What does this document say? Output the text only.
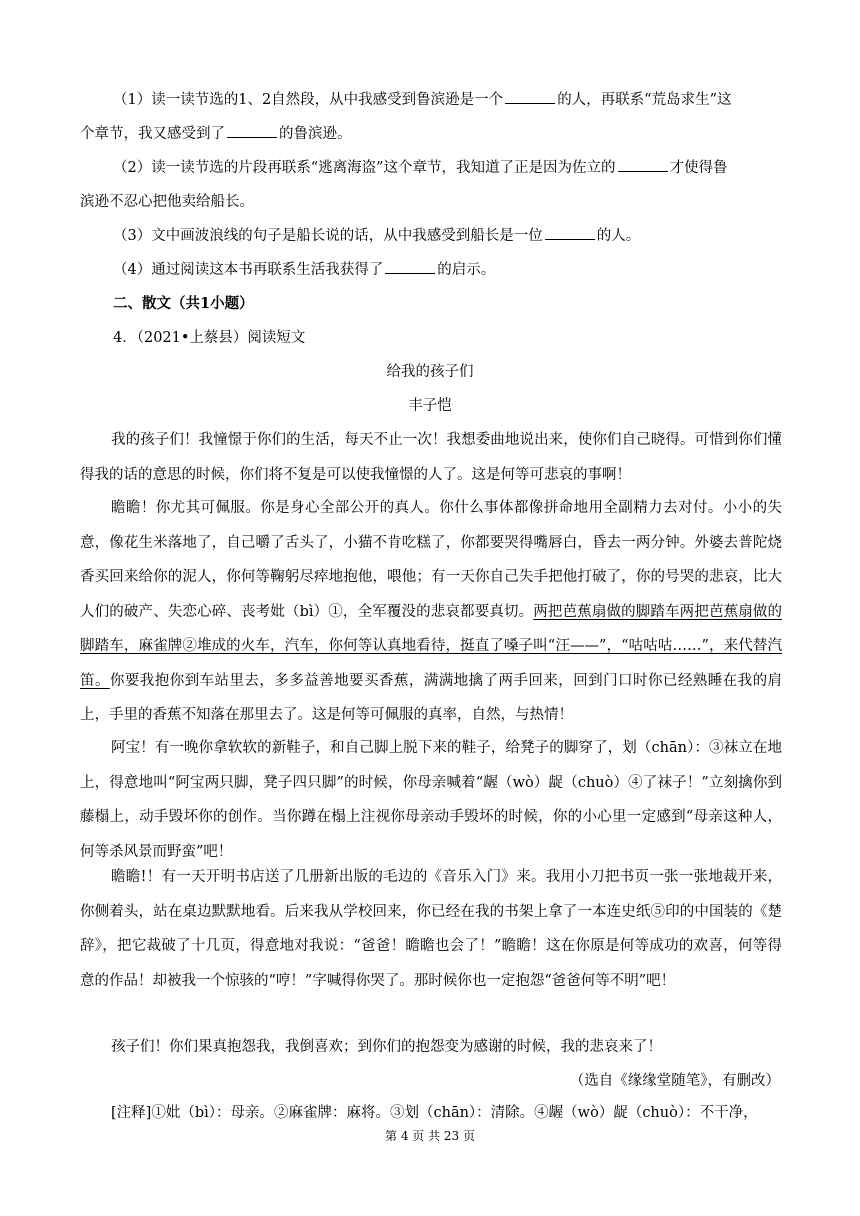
（1）读一读节选的1、2自然段，从中我感受到鲁滨逊是一个	的人，再联系“荒岛求生”这

个章节，我又感受到了	的鲁滨逊。

（2）读一读节选的片段再联系“逃离海盗”这个章节，我知道了正是因为佐立的	才使得鲁

滨逊不忍心把他卖给船长。

（3）文中画波浪线的句子是船长说的话，从中我感受到船长是一位	的人。

（4）通过阅读这本书再联系生活我获得了	的启示。

二、散文（共1小题）

4．（2021•上蔡县）阅读短文

给我的孩子们

丰子恺

我的孩子们！我憧憬于你们的生活，每天不止一次！我想委曲地说出来，使你们自己晓得。可惜到你们懂得我的话的意思的时候，你们将不复是可以使我憧憬的人了。这是何等可悲哀的事啊！

瞻瞻！你尤其可佩服。你是身心全部公开的真人。你什么事体都像拼命地用全副精力去对付。小小的失意，像花生米落地了，自己嚼了舌头了，小猫不肯吃糕了，你都要哭得嘴唇白，昏去一两分钟。外婆去普陀烧香买回来给你的泥人，你何等鞠躬尽瘁地抱他，喂他；有一天你自己失手把他打破了，你的号哭的悲哀，比大人们的破产、失恋心碎、丧考妣（bì）①，全军覆没的悲哀都要真切。两把芭蕉扇做的脚踏车两把芭蕉扇做的脚踏车，麻雀牌②堆成的火车，汽车，你何等认真地看待，挺直了嗓子叫“汪——”，“咕咕咕……”，来代替汽笛。你要我抱你到车站里去，多多益善地要买香蕉，满满地擒了两手回来，回到门口时你已经熟睡在我的肩上，手里的香蕉不知落在那里去了。这是何等可佩服的真率，自然，与热情！

阿宝！有一晚你拿软软的新鞋子，和自己脚上脱下来的鞋子，给凳子的脚穿了，划（chān）：③袜立在地上，得意地叫“阿宝两只脚，凳子四只脚”的时候，你母亲喊着“龌（wò）龊（chuò）④了袜子！”立刻擒你到藤榻上，动手毁坏你的创作。当你蹲在榻上注视你母亲动手毁坏的时候，你的小心里一定感到“母亲这种人，何等杀风景而野蛮”吧！

瞻瞻!！有一天开明书店送了几册新出版的毛边的《音乐入门》来。我用小刀把书页一张一张地裁开来，你侧着头，站在桌边默默地看。后来我从学校回来，你已经在我的书架上拿了一本连史纸⑤印的中国装的《楚辞》，把它裁破了十几页，得意地对我说：“爸爸！瞻瞻也会了！”瞻瞻！这在你原是何等成功的欢喜，何等得意的作品！却被我一个惊骇的“哼！”字喊得你哭了。那时候你也一定抱怨“爸爸何等不明”吧！

孩子们！你们果真抱怨我，我倒喜欢；到你们的抱怨变为感谢的时候，我的悲哀来了！

（选自《缘缘堂随笔》，有删改）

[注释]①妣（bì）：母亲。②麻雀牌：麻将。③划（chān）：清除。④龌（wò）龊（chuò）：不干净，

第 4 页 共 23 页
